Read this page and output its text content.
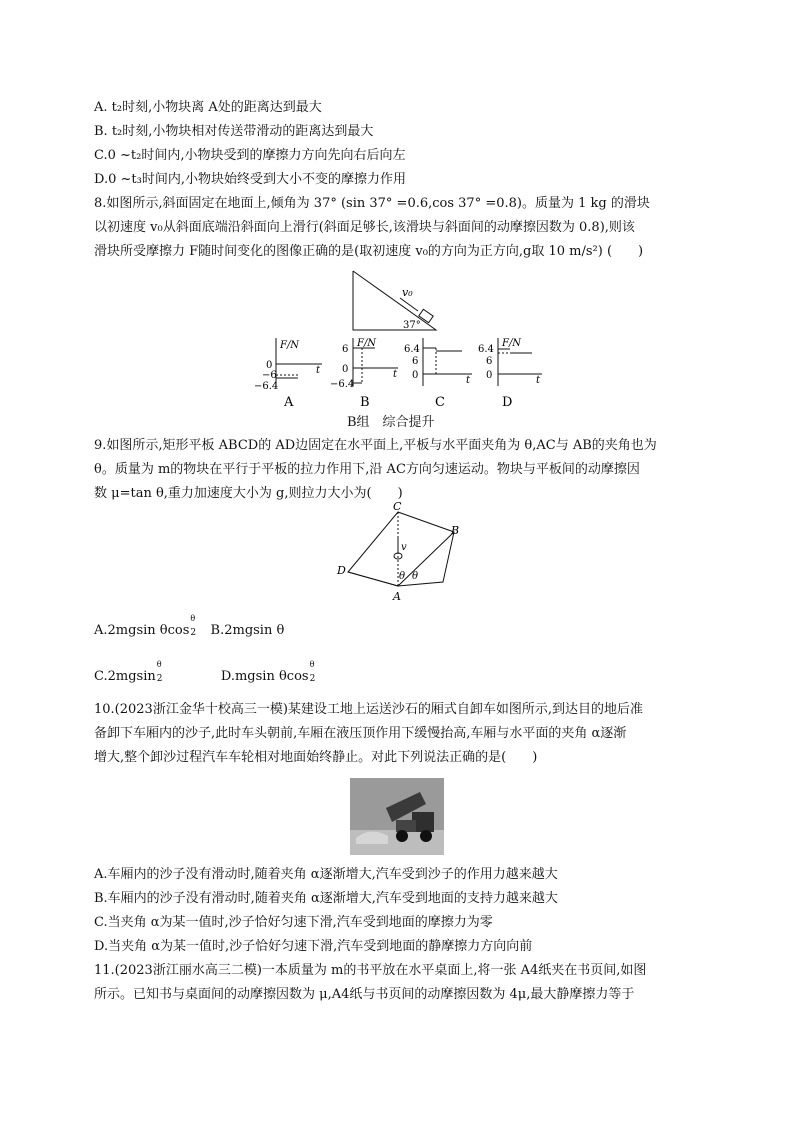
A. t₂时刻,小物块离 A处的距离达到最大
B. t₂时刻,小物块相对传送带滑动的距离达到最大
C.0 ~t₂时间内,小物块受到的摩擦力方向先向右后向左
D.0 ~t₃时间内,小物块始终受到大小不变的摩擦力作用
8.如图所示,斜面固定在地面上,倾角为 37° (sin 37° =0.6,cos 37° =0.8)。质量为 1 kg 的滑块
以初速度 v₀从斜面底端沿斜面向上滑行(斜面足够长,该滑块与斜面间的动摩擦因数为 0.8),则该
滑块所受摩擦力 F随时间变化的图像正确的是(取初速度 v₀的方向为正方向,g取 10 m/s²) (　　)
v₀
37°
F/N
0
−6
−6.4
t
A
F/N
6
0
−6.4
t
B
6.4
6
0	t
C
F/N
6.4
6
0	t
D
B组　综合提升
9.如图所示,矩形平板 ABCD的 AD边固定在水平面上,平板与水平面夹角为 θ,AC与 AB的夹角也为
θ。质量为 m的物块在平行于平板的拉力作用下,沿 AC方向匀速运动。物块与平板间的动摩擦因
数 μ=tan θ,重力加速度大小为 g,则拉力大小为(　　)
C
B
D
A
v
θ θ
A.2mgsin θcos
θ
2 B.2mgsin θ
C.2mgsin
θ
2	D.mgsin θcos
θ
2
10.(2023浙江金华十校高三一模)某建设工地上运送沙石的厢式自卸车如图所示,到达目的地后准
备卸下车厢内的沙子,此时车头朝前,车厢在液压顶作用下缓慢抬高,车厢与水平面的夹角 α逐渐
增大,整个卸沙过程汽车车轮相对地面始终静止。对此下列说法正确的是(　　)
A.车厢内的沙子没有滑动时,随着夹角 α逐渐增大,汽车受到沙子的作用力越来越大
B.车厢内的沙子没有滑动时,随着夹角 α逐渐增大,汽车受到地面的支持力越来越大
C.当夹角 α为某一值时,沙子恰好匀速下滑,汽车受到地面的摩擦力为零
D.当夹角 α为某一值时,沙子恰好匀速下滑,汽车受到地面的静摩擦力方向向前
11.(2023浙江丽水高三二模)一本质量为 m的书平放在水平桌面上,将一张 A4纸夹在书页间,如图
所示。已知书与桌面间的动摩擦因数为 μ,A4纸与书页间的动摩擦因数为 4μ,最大静摩擦力等于
